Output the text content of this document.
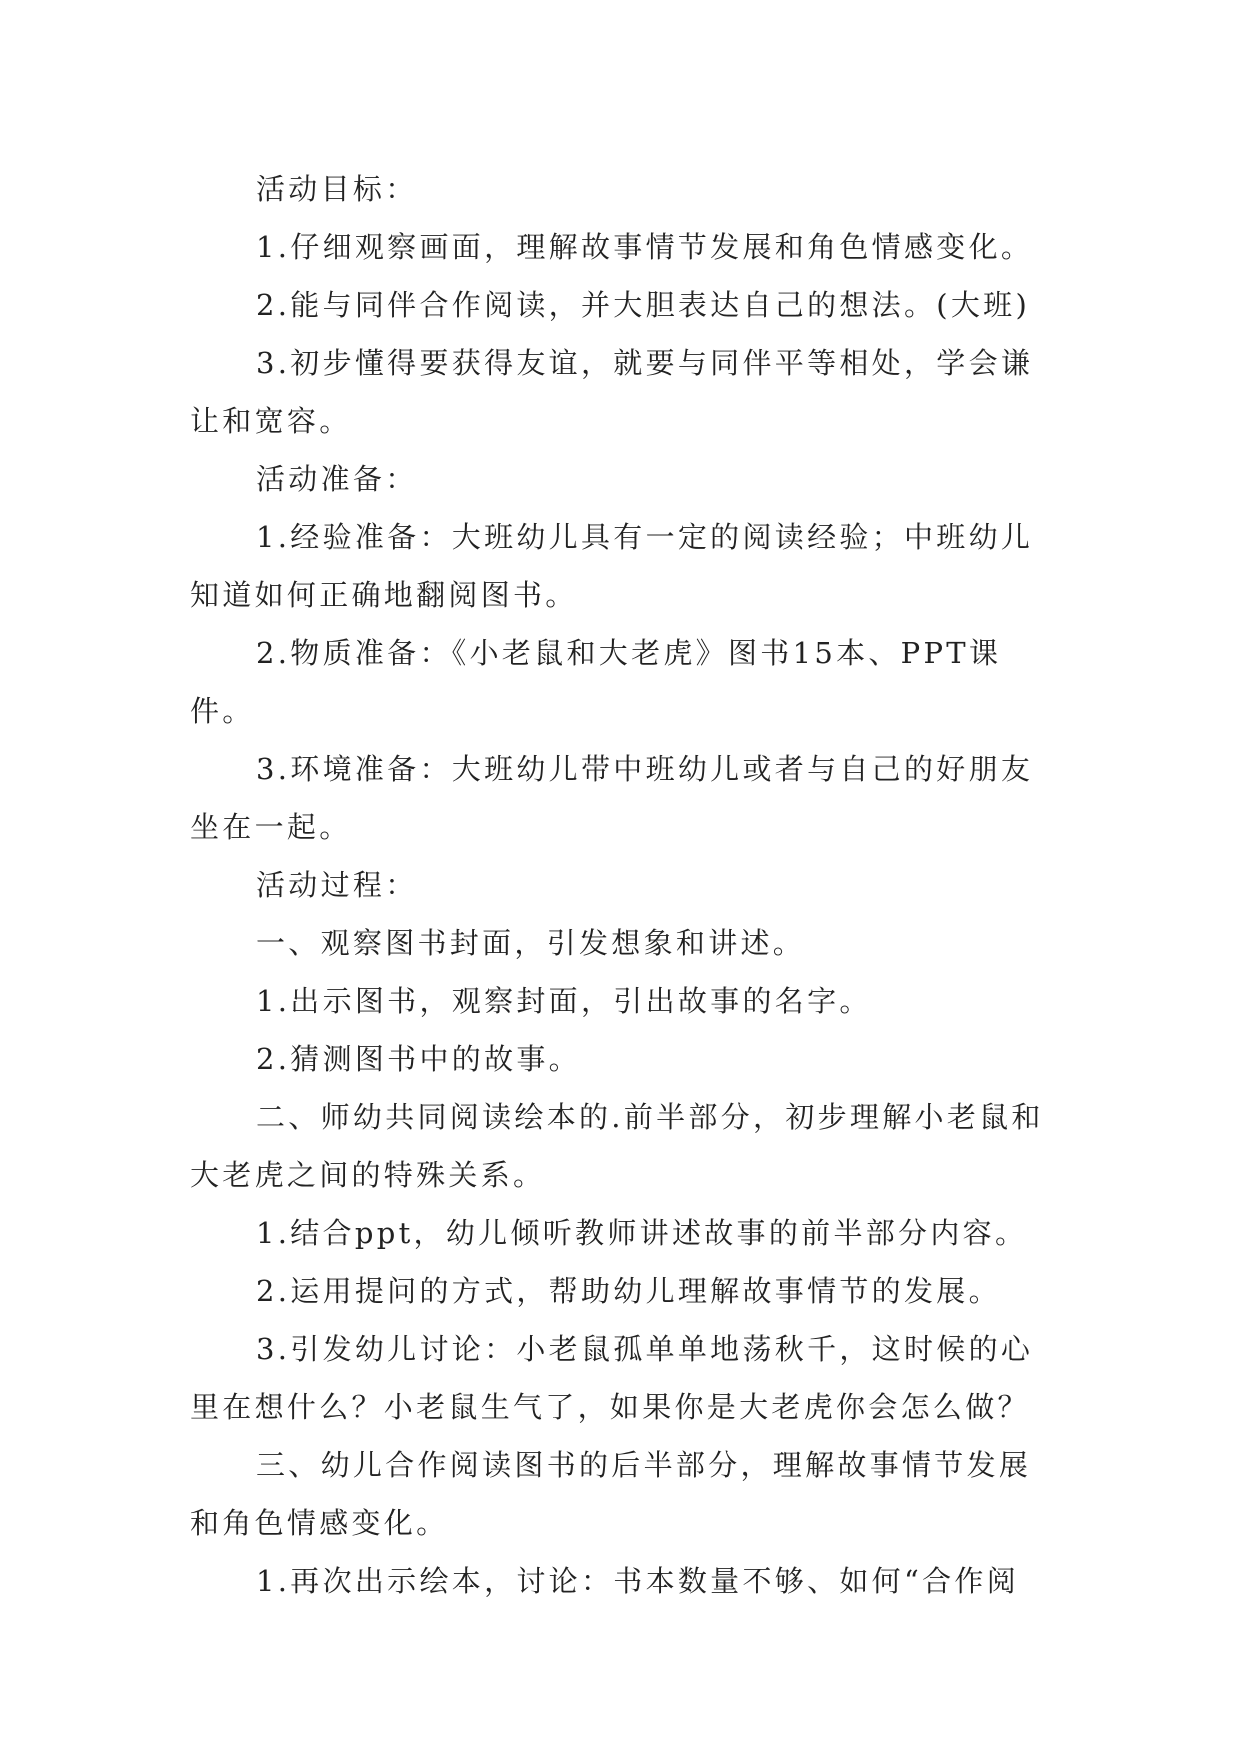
活动目标：

1.仔细观察画面，理解故事情节发展和角色情感变化。

2.能与同伴合作阅读，并大胆表达自己的想法。(大班)

3.初步懂得要获得友谊，就要与同伴平等相处，学会谦让和宽容。

活动准备：

1.经验准备：大班幼儿具有一定的阅读经验；中班幼儿知道如何正确地翻阅图书。

2.物质准备：《小老鼠和大老虎》图书15本、PPT课件。

3.环境准备：大班幼儿带中班幼儿或者与自己的好朋友坐在一起。

活动过程：

一、观察图书封面，引发想象和讲述。

1.出示图书，观察封面，引出故事的名字。

2.猜测图书中的故事。

二、师幼共同阅读绘本的.前半部分，初步理解小老鼠和大老虎之间的特殊关系。

1.结合ppt，幼儿倾听教师讲述故事的前半部分内容。

2.运用提问的方式，帮助幼儿理解故事情节的发展。

3.引发幼儿讨论：小老鼠孤单单地荡秋千，这时候的心里在想什么？小老鼠生气了，如果你是大老虎你会怎么做？

三、幼儿合作阅读图书的后半部分，理解故事情节发展和角色情感变化。

1.再次出示绘本，讨论：书本数量不够、如何“合作阅
